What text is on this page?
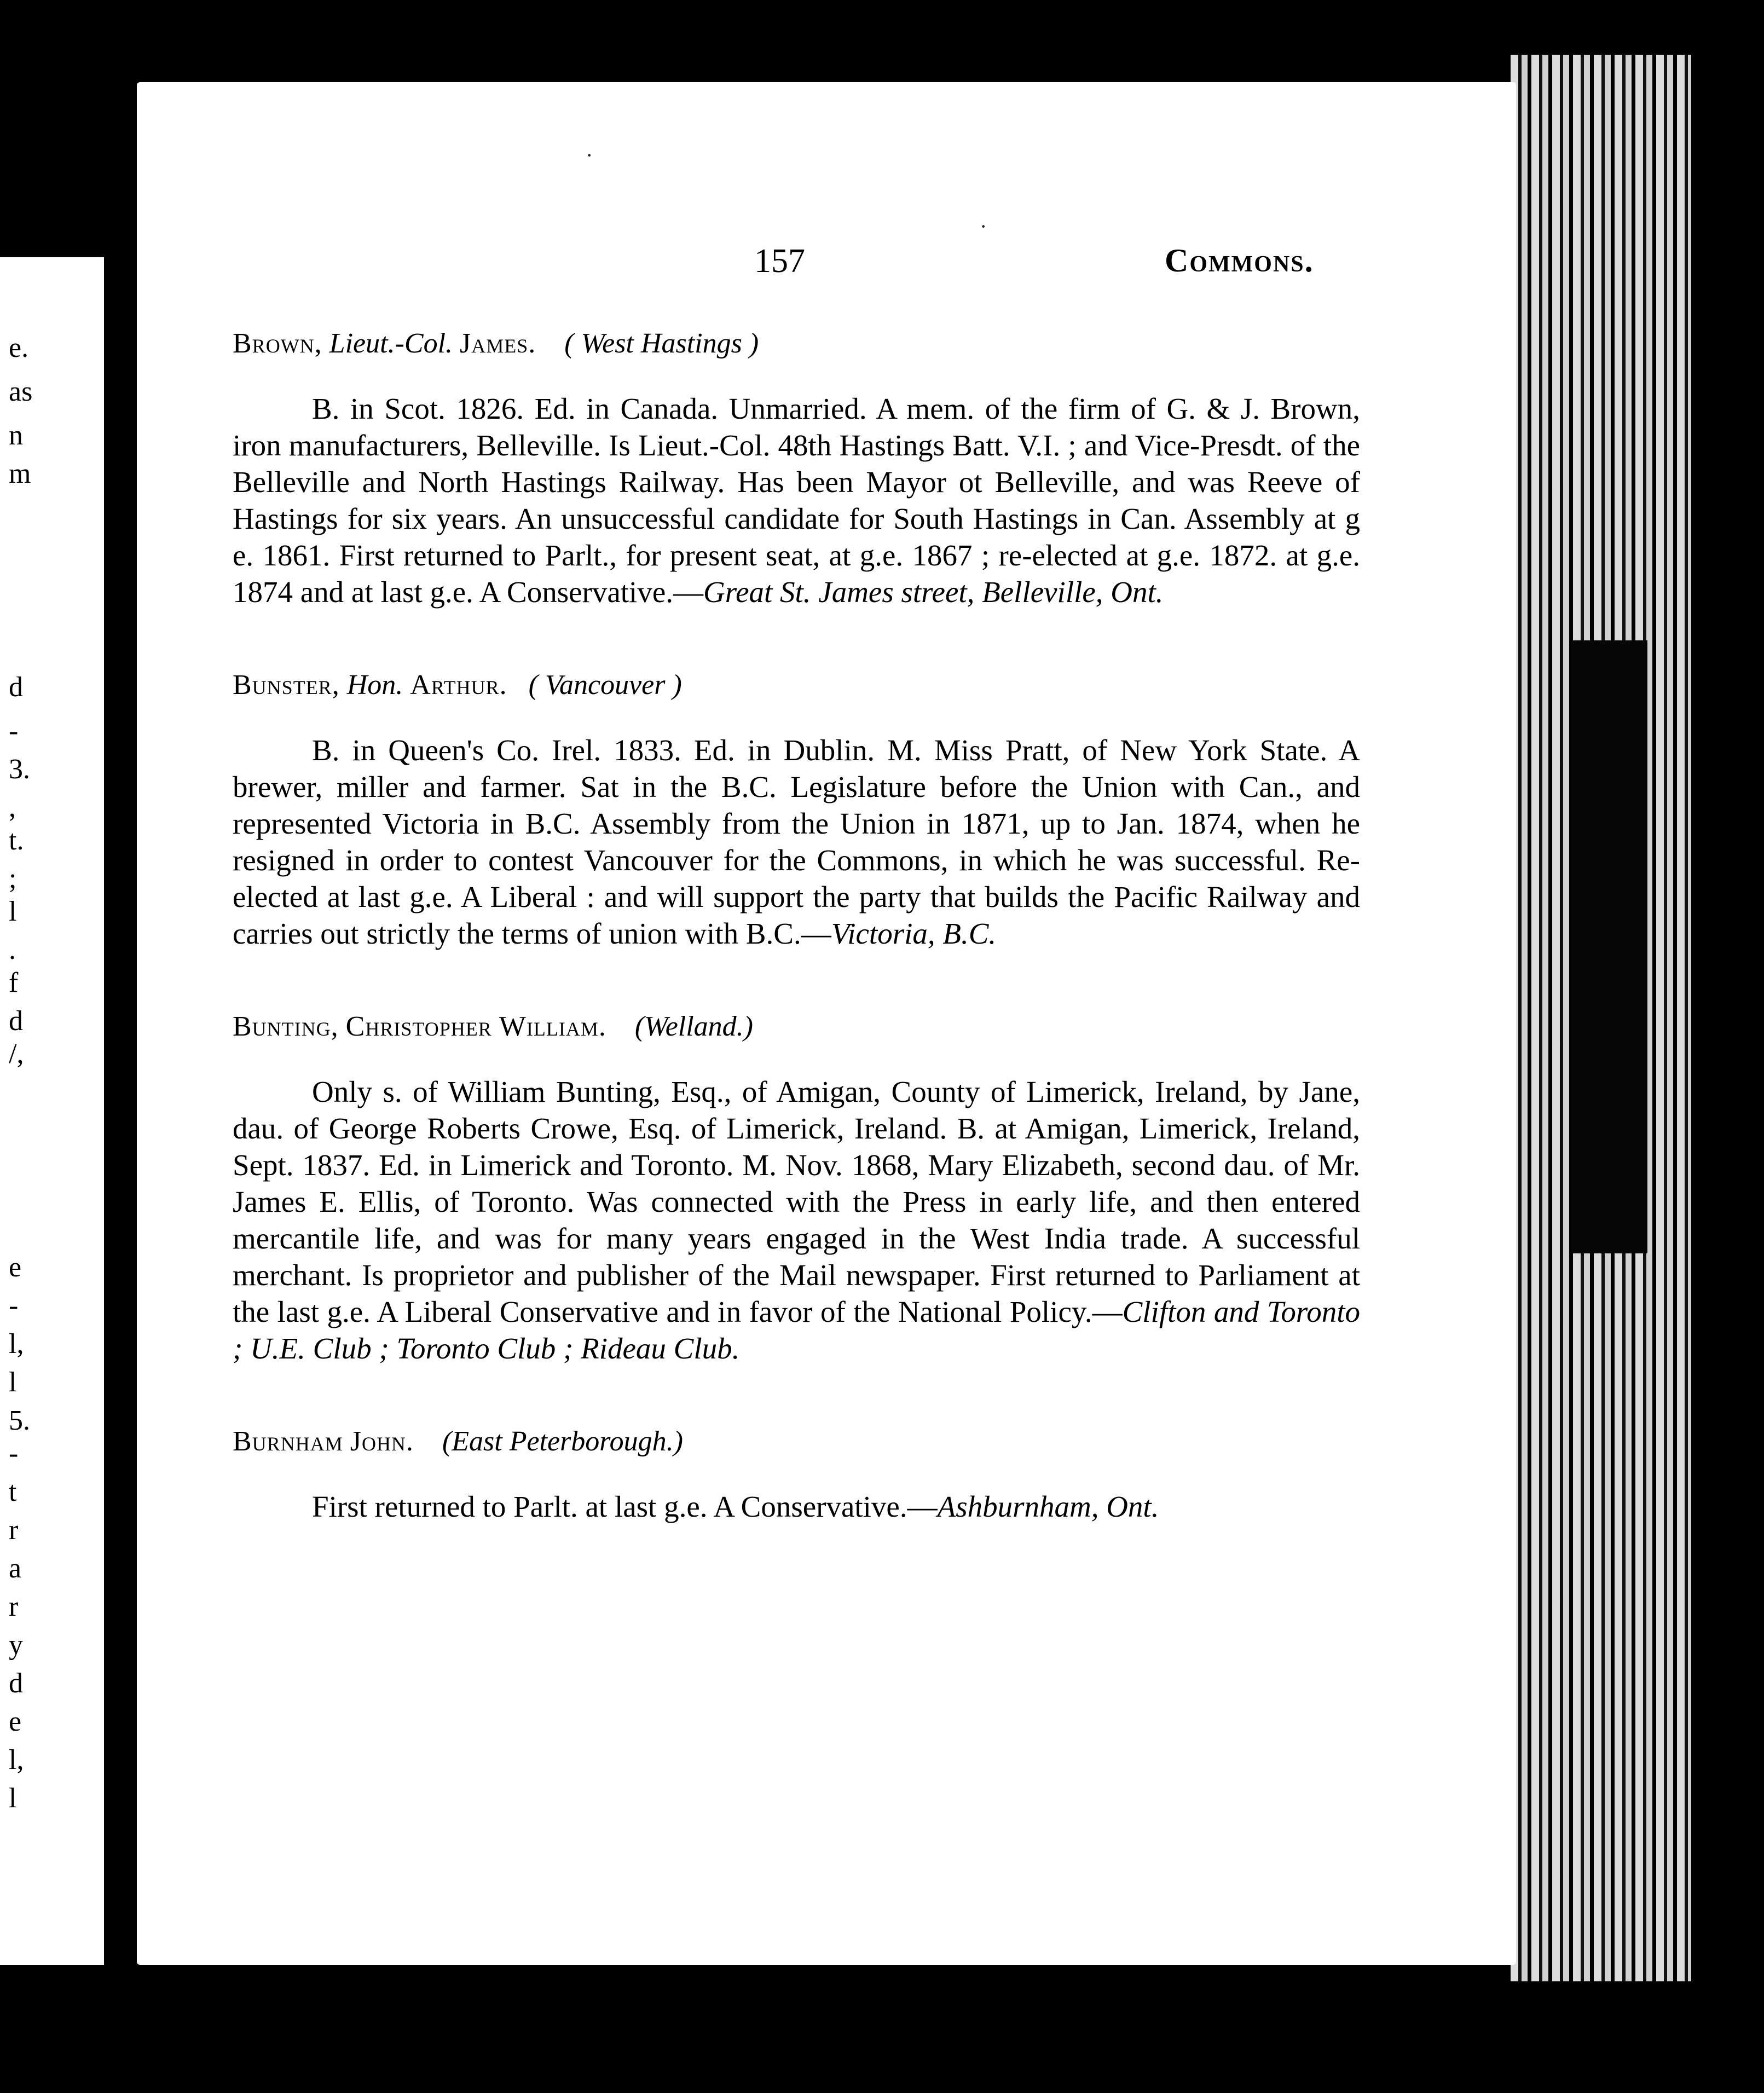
e.
as
n
m
d
-
3.
,
t.
;
l
.
f
d
/,
e
-
l,
l
5.
-
t
r
a
r
y
d
e
l,
l
157	Commons.
·
·
Brown, Lieut.-Col. James. ( West Hastings )

B. in Scot. 1826. Ed. in Canada. Unmarried. A mem. of the firm of G. & J. Brown, iron manufacturers, Belleville. Is Lieut.-Col. 48th Hastings Batt. V.I. ; and Vice-Presdt. of the Belleville and North Hastings Railway. Has been Mayor ot Belleville, and was Reeve of Hastings for six years. An unsuccessful candidate for South Hastings in Can. Assembly at g e. 1861. First returned to Parlt., for present seat, at g.e. 1867 ; re-elected at g.e. 1872. at g.e. 1874 and at last g.e. A Conservative.—Great St. James street, Belleville, Ont.

Bunster, Hon. Arthur. ( Vancouver )

B. in Queen's Co. Irel. 1833. Ed. in Dublin. M. Miss Pratt, of New York State. A brewer, miller and farmer. Sat in the B.C. Legislature before the Union with Can., and represented Victoria in B.C. Assembly from the Union in 1871, up to Jan. 1874, when he resigned in order to contest Vancouver for the Commons, in which he was successful. Re-elected at last g.e. A Liberal : and will support the party that builds the Pacific Railway and carries out strictly the terms of union with B.C.—Victoria, B.C.

Bunting, Christopher William. (Welland.)

Only s. of William Bunting, Esq., of Amigan, County of Limerick, Ireland, by Jane, dau. of George Roberts Crowe, Esq. of Limerick, Ireland. B. at Amigan, Limerick, Ireland, Sept. 1837. Ed. in Limerick and Toronto. M. Nov. 1868, Mary Elizabeth, second dau. of Mr. James E. Ellis, of Toronto. Was connected with the Press in early life, and then entered mercantile life, and was for many years engaged in the West India trade. A successful merchant. Is proprietor and publisher of the Mail newspaper. First returned to Parliament at the last g.e. A Liberal Conservative and in favor of the National Policy.—Clifton and Toronto ; U.E. Club ; Toronto Club ; Rideau Club.

Burnham John. (East Peterborough.)

First returned to Parlt. at last g.e. A Conservative.—Ashburnham, Ont.
